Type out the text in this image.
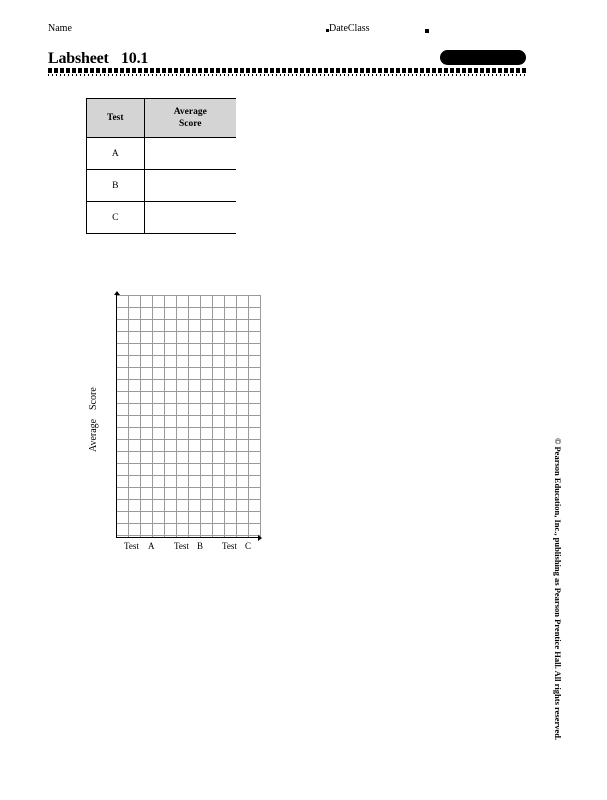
Name	DateClass
Labsheet 10.1
Test	Average Score
A	
B	
C	
Average
Score
Test A Test B Test C	© Pearson Education, Inc., publishing as Pearson Prentice Hall. All rights reserved.
